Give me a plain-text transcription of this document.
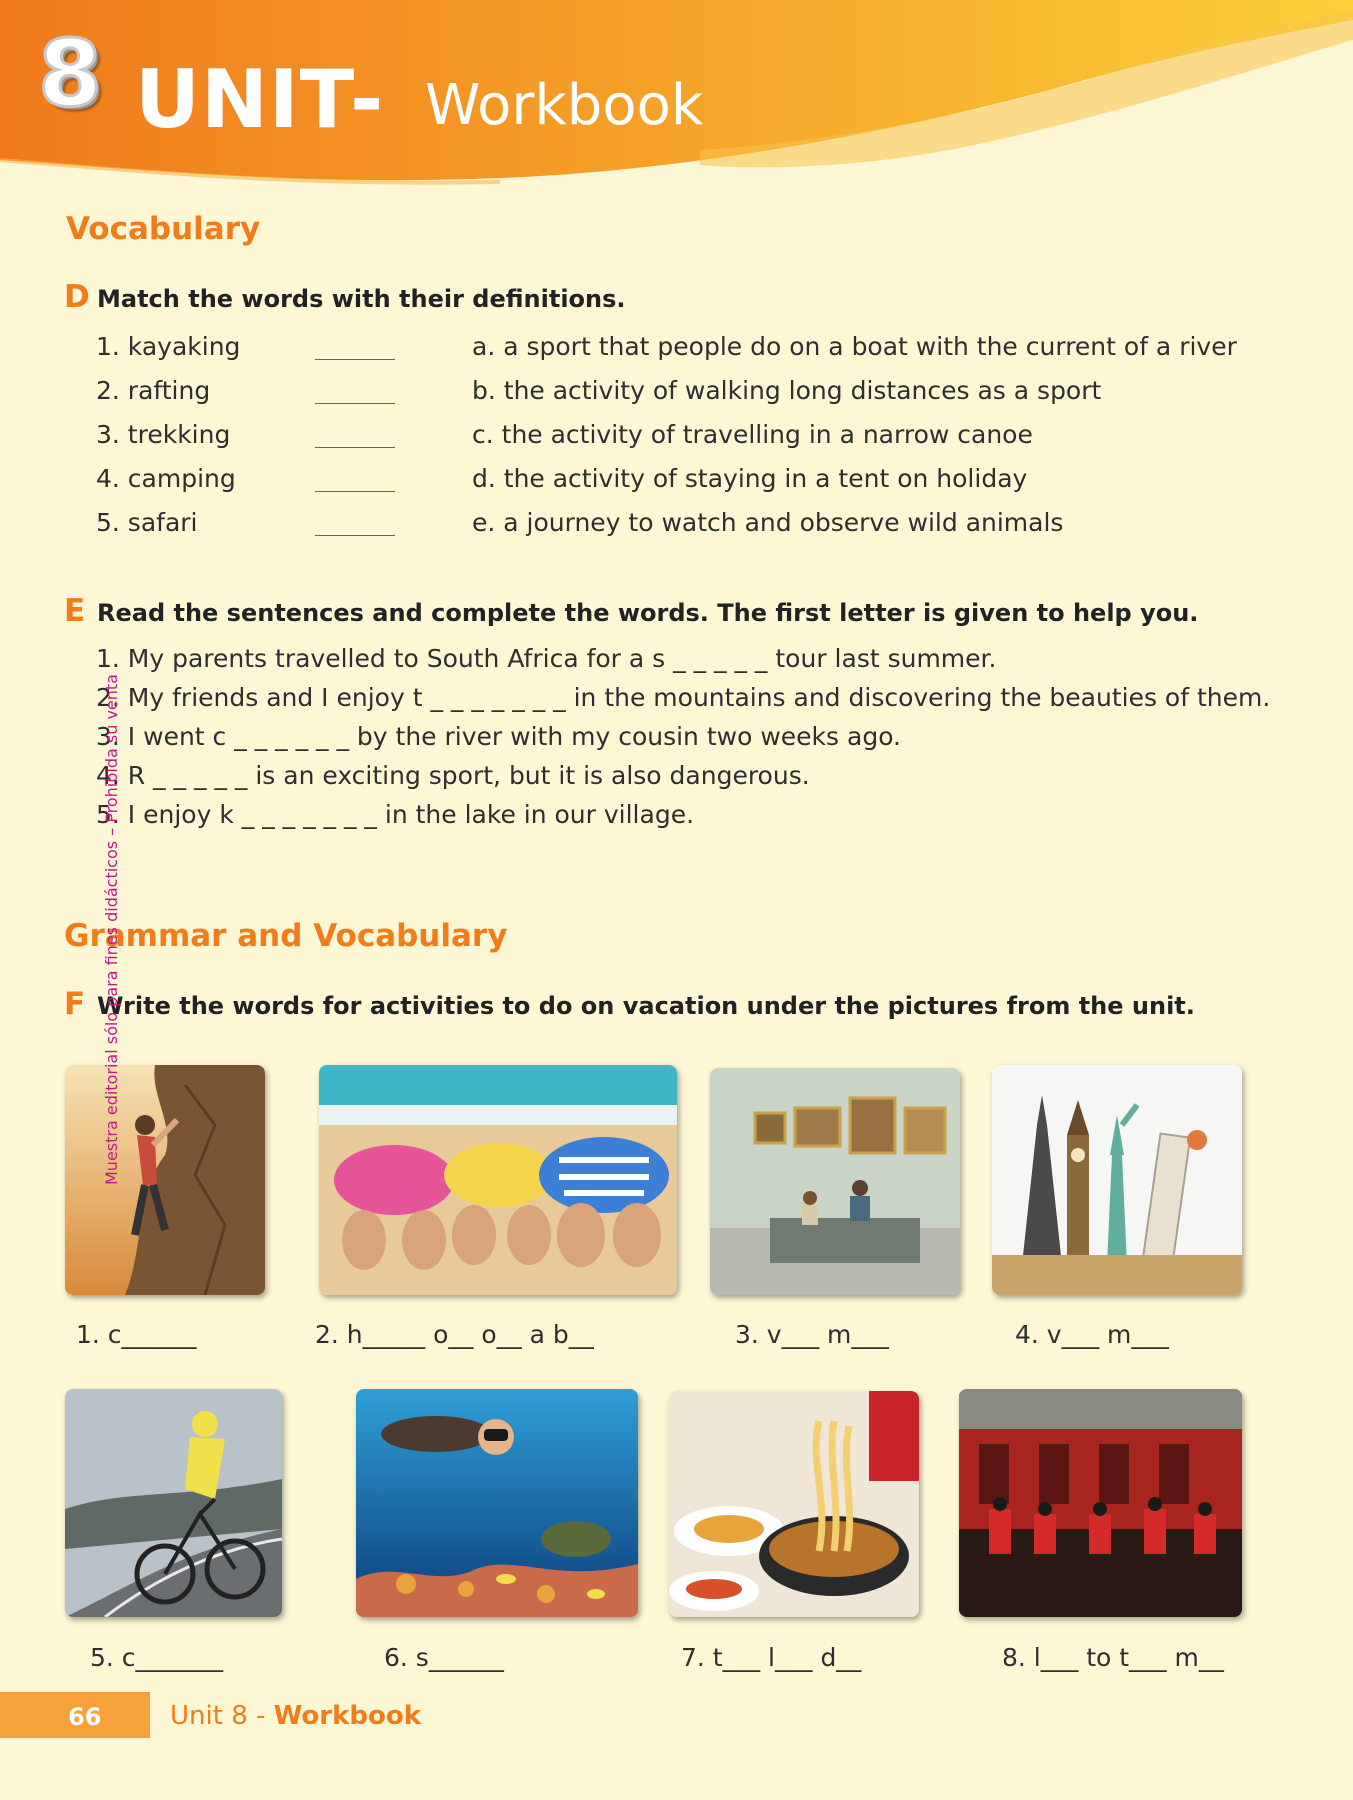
8 UNIT
- Workbook
Vocabulary
D Match the words with their definitions.
1. kayaking	a. a sport that people do on a boat with the current of a river
2. rafting	b. the activity of walking long distances as a sport
3. trekking	c. the activity of travelling in a narrow canoe
4. camping	d. the activity of staying in a tent on holiday
5. safari	e. a journey to watch and observe wild animals
E Read the sentences and complete the words. The first letter is given to help you.
1. My parents travelled to South Africa for a s _ _ _ _ _ tour last summer.
2. My friends and I enjoy t _ _ _ _ _ _ _ in the mountains and discovering the beauties of them.
3. I went c _ _ _ _ _ _ by the river with my cousin two weeks ago.
4. R _ _ _ _ _ is an exciting sport, but it is also dangerous.
5. I enjoy k _ _ _ _ _ _ _ in the lake in our village.
Grammar and Vocabulary
F Write the words for activities to do on vacation under the pictures from the unit.
1. c______	2. h_____ o__ o__ a b__	3. v___ m___	4. v___ m___
5. c_______	6. s______	7. t___ l___ d__	8. l___ to t___ m__
66	Unit 8 - Workbook
Muestra editorial sólo para fines didácticos – Prohibida su venta
